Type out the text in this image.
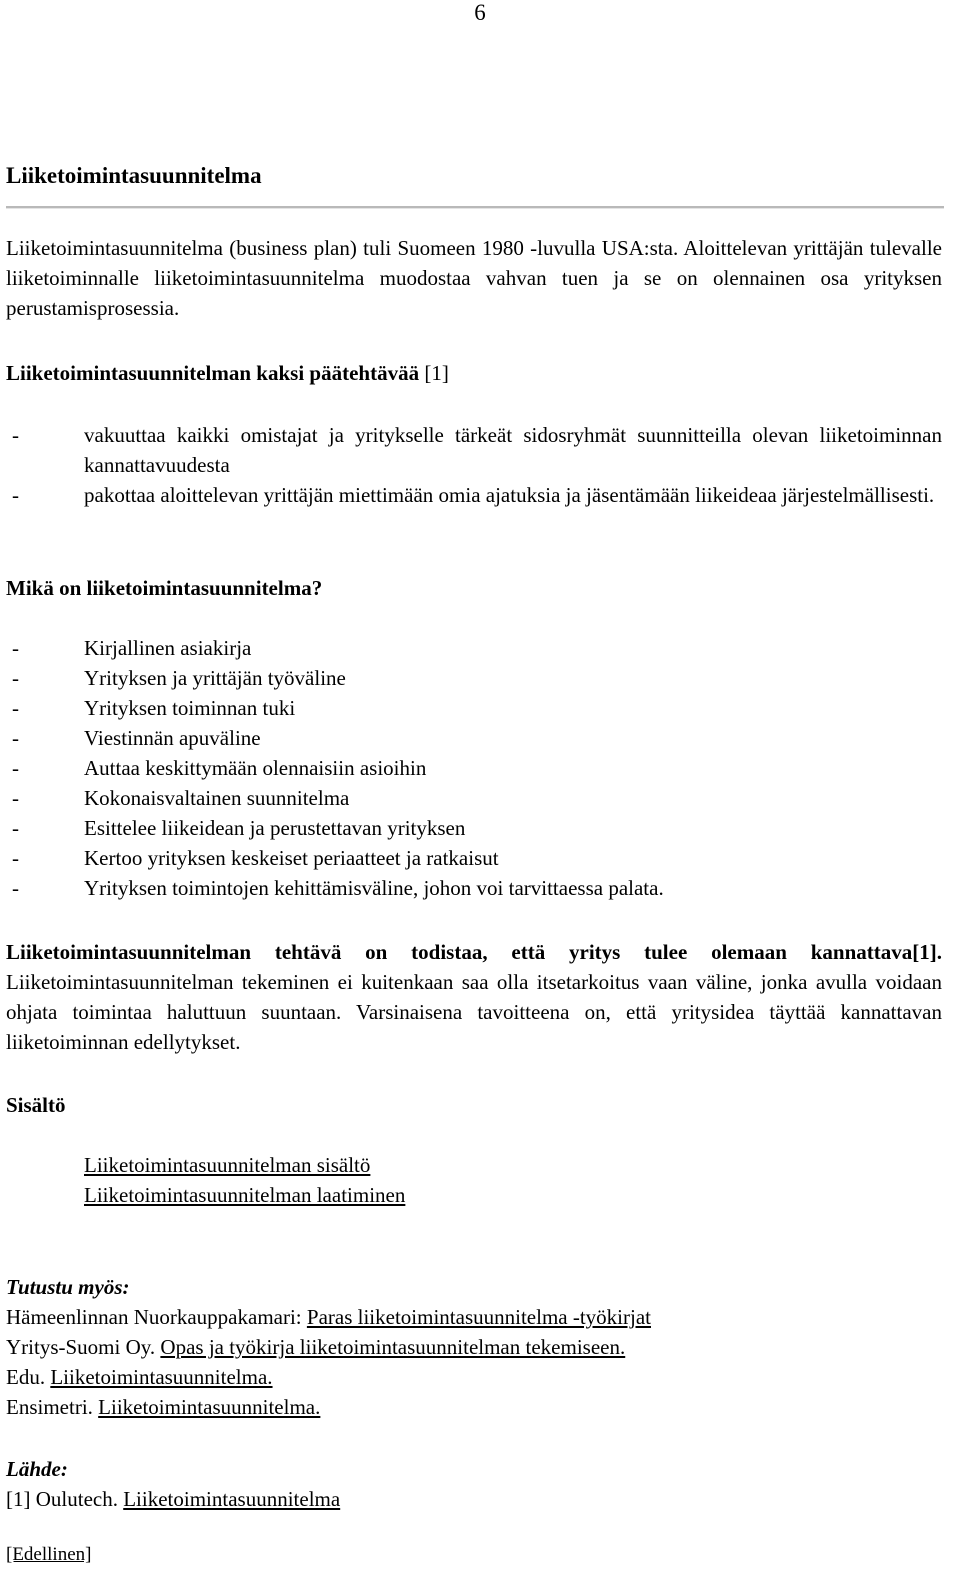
6
Liiketoimintasuunnitelma

Liiketoimintasuunnitelma (business plan) tuli Suomeen 1980 -luvulla USA:sta. Aloittelevan yrittäjän tulevalle liiketoiminnalle liiketoimintasuunnitelma muodostaa vahvan tuen ja se on olennainen osa yrityksen perustamisprosessia.

Liiketoimintasuunnitelman kaksi päätehtävää [1]
- vakuuttaa kaikki omistajat ja yritykselle tärkeät sidosryhmät suunnitteilla olevan liiketoiminnan kannattavuudesta
- pakottaa aloittelevan yrittäjän miettimään omia ajatuksia ja jäsentämään liikeideaa järjestelmällisesti.
Mikä on liiketoimintasuunnitelma?
- Kirjallinen asiakirja
- Yrityksen ja yrittäjän työväline
- Yrityksen toiminnan tuki
- Viestinnän apuväline
- Auttaa keskittymään olennaisiin asioihin
- Kokonaisvaltainen suunnitelma
- Esittelee liikeidean ja perustettavan yrityksen
- Kertoo yrityksen keskeiset periaatteet ja ratkaisut
- Yrityksen toimintojen kehittämisväline, johon voi tarvittaessa palata.

Liiketoimintasuunnitelman tehtävä on todistaa, että yritys tulee olemaan kannattava[1]. Liiketoimintasuunnitelman tekeminen ei kuitenkaan saa olla itsetarkoitus vaan väline, jonka avulla voidaan ohjata toimintaa haluttuun suuntaan. Varsinaisena tavoitteena on, että yritysidea täyttää kannattavan liiketoiminnan edellytykset.

Sisältö
Liiketoimintasuunnitelman sisältö
Liiketoimintasuunnitelman laatiminen
Tutustu myös:
Hämeenlinnan Nuorkauppakamari: Paras liiketoimintasuunnitelma -työkirjat
Yritys-Suomi Oy. Opas ja työkirja liiketoimintasuunnitelman tekemiseen.
Edu. Liiketoimintasuunnitelma.
Ensimetri. Liiketoimintasuunnitelma.
Lähde:
[1] Oulutech. Liiketoimintasuunnitelma
[Edellinen]
